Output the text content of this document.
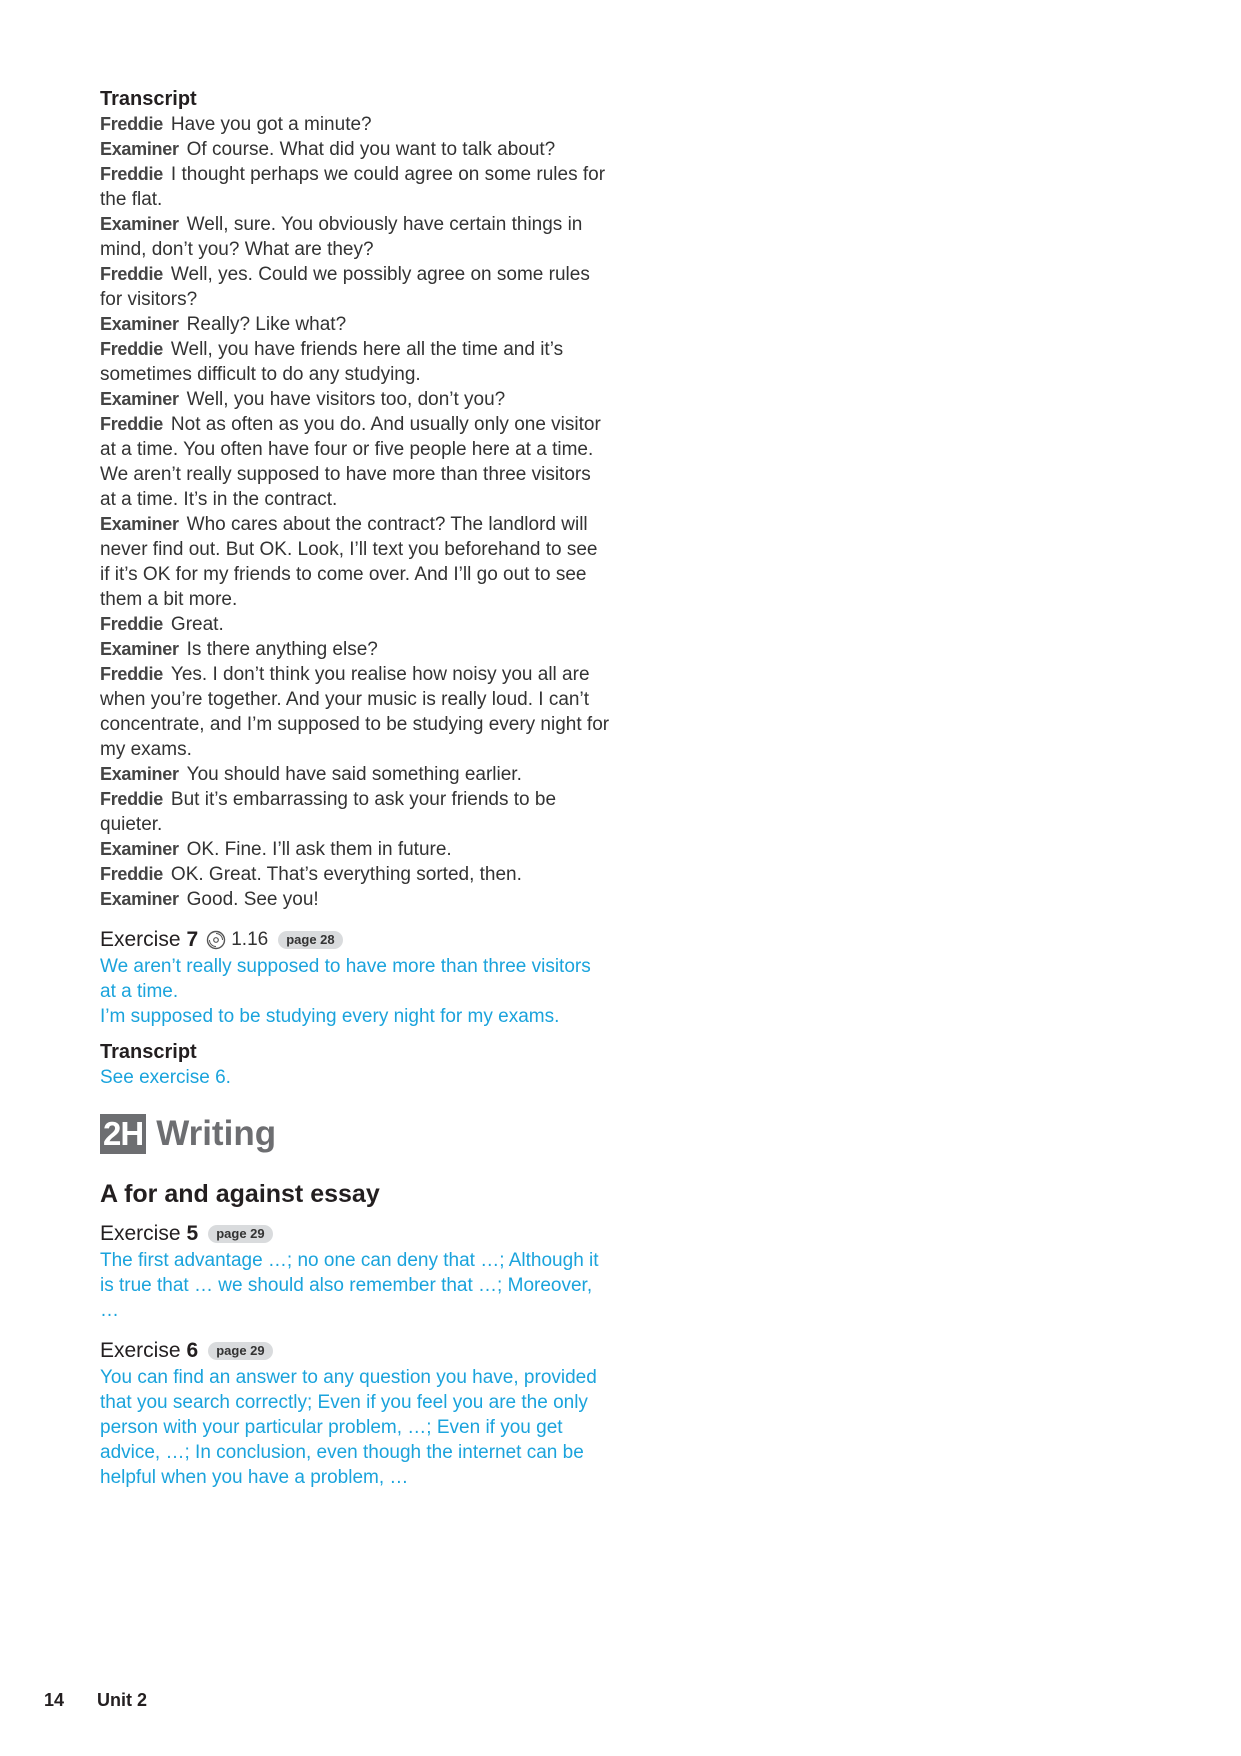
Transcript

Freddie Have you got a minute?

Examiner Of course. What did you want to talk about?

Freddie I thought perhaps we could agree on some rules for the flat.

Examiner Well, sure. You obviously have certain things in mind, don’t you? What are they?

Freddie Well, yes. Could we possibly agree on some rules for visitors?

Examiner Really? Like what?

Freddie Well, you have friends here all the time and it’s sometimes difficult to do any studying.

Examiner Well, you have visitors too, don’t you?

Freddie Not as often as you do. And usually only one visitor at a time. You often have four or five people here at a time. We aren’t really supposed to have more than three visitors at a time. It’s in the contract.

Examiner Who cares about the contract? The landlord will never find out. But OK. Look, I’ll text you beforehand to see if it’s OK for my friends to come over. And I’ll go out to see them a bit more.

Freddie Great.

Examiner Is there anything else?

Freddie Yes. I don’t think you realise how noisy you all are when you’re together. And your music is really loud. I can’t concentrate, and I’m supposed to be studying every night for my exams.

Examiner You should have said something earlier.

Freddie But it’s embarrassing to ask your friends to be quieter.

Examiner OK. Fine. I’ll ask them in future.

Freddie OK. Great. That’s everything sorted, then.

Examiner Good. See you!

Exercise 7 1.16	page 28

We aren’t really supposed to have more than three visitors at a time.

I’m supposed to be studying every night for my exams.

Transcript

See exercise 6.

2H Writing
A for and against essay
Exercise 5	page 29

The first advantage …; no one can deny that …; Although it is true that … we should also remember that …; Moreover, …

Exercise 6	page 29

You can find an answer to any question you have, provided that you search correctly; Even if you feel you are the only person with your particular problem, …; Even if you get advice, …; In conclusion, even though the internet can be helpful when you have a problem, …

14 Unit 2
